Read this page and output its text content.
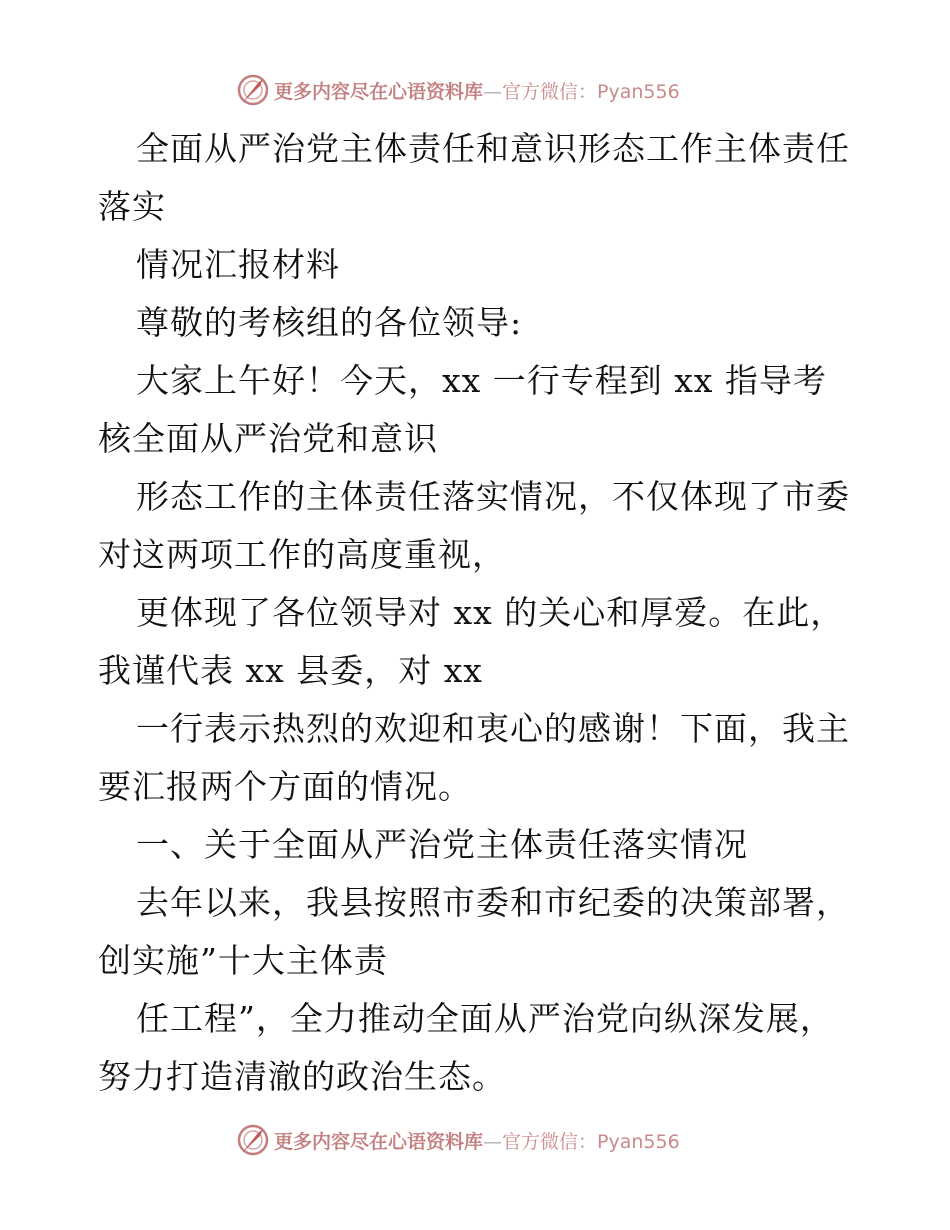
更多内容尽在心语资料库—官方微信：Pyan556
全面从严治党主体责任和意识形态工作主体责任
落实
情况汇报材料
尊敬的考核组的各位领导:
大家上午好！今天，xx 一行专程到 xx 指导考
核全面从严治党和意识
形态工作的主体责任落实情况，不仅体现了市委
对这两项工作的高度重视，
更体现了各位领导对 xx 的关心和厚爱。在此，
我谨代表 xx 县委，对 xx
一行表示热烈的欢迎和衷心的感谢！下面，我主
要汇报两个方面的情况。
一、关于全面从严治党主体责任落实情况
去年以来，我县按照市委和市纪委的决策部署，
创实施”十大主体责
任工程”，全力推动全面从严治党向纵深发展，
努力打造清澈的政治生态。
更多内容尽在心语资料库—官方微信：Pyan556
